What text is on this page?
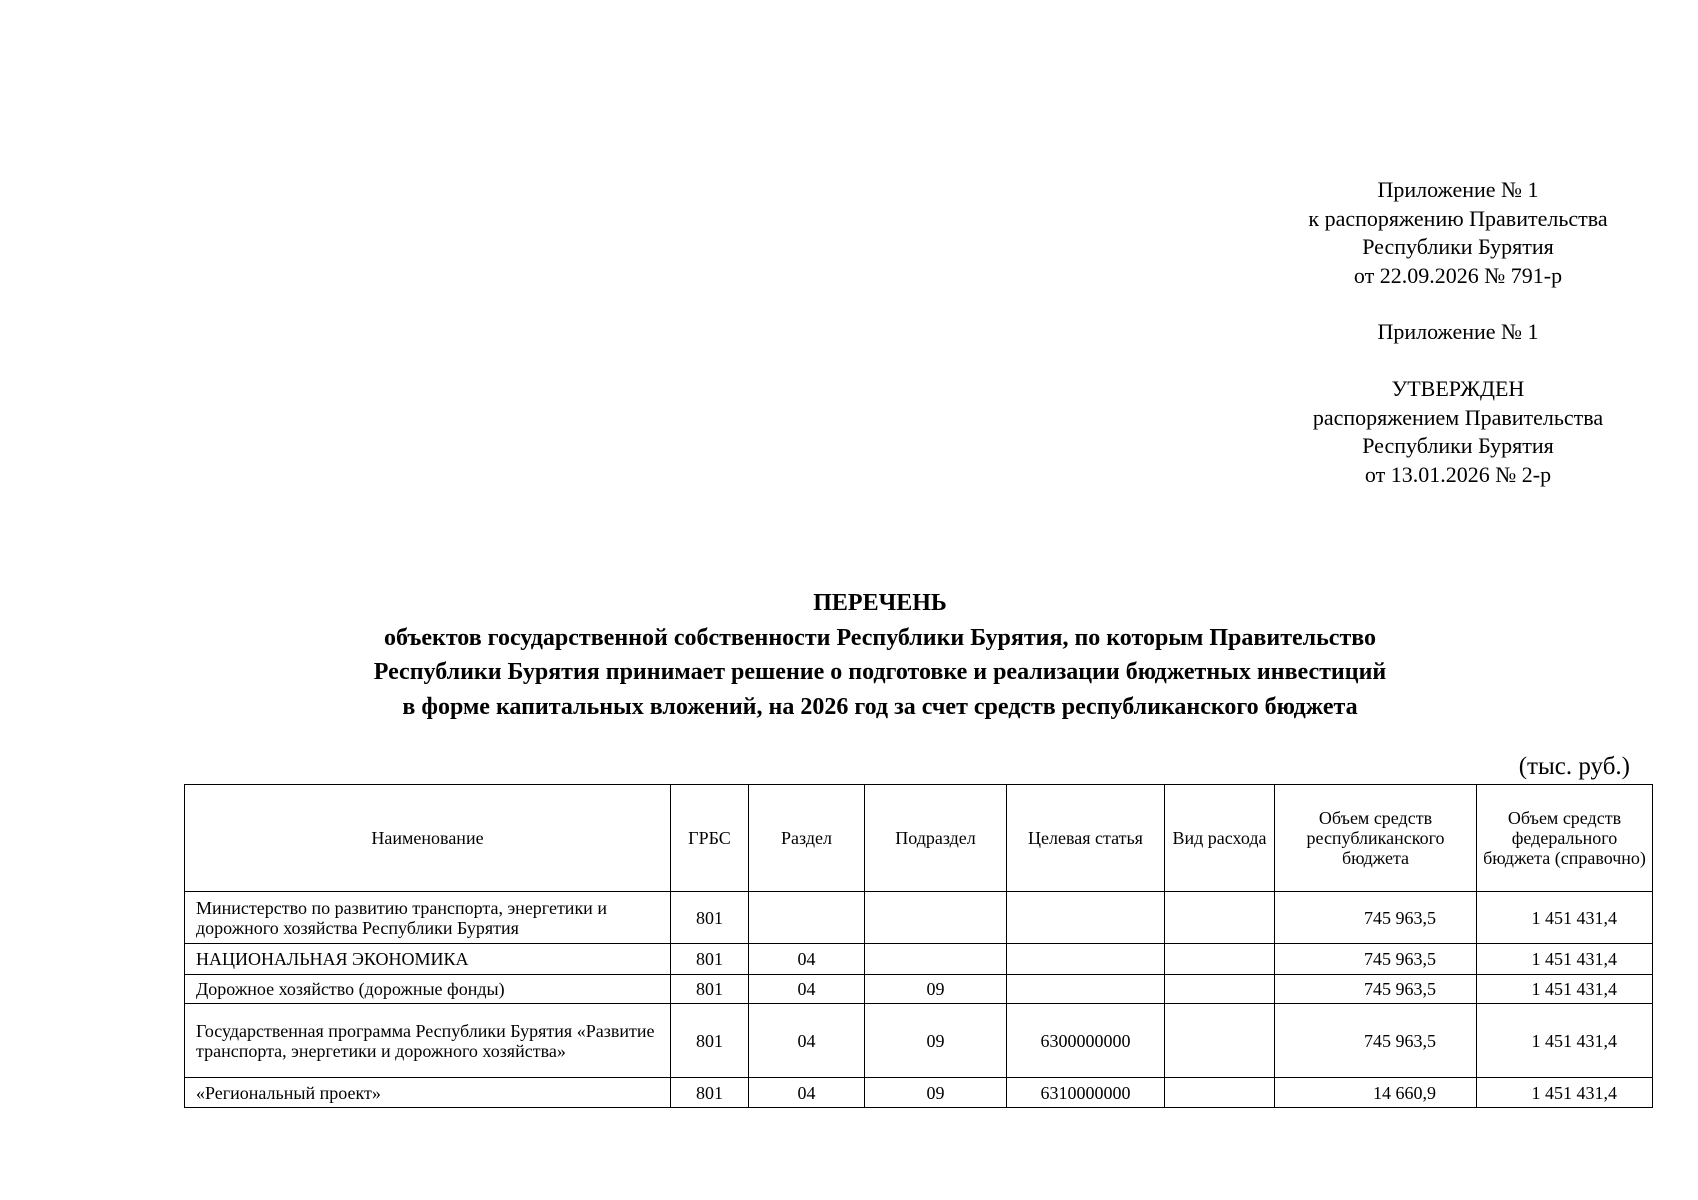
Приложение № 1
к распоряжению Правительства
Республики Бурятия
от 22.09.2026 № 791-р
Приложение № 1
УТВЕРЖДЕН
распоряжением Правительства
Республики Бурятия
от 13.01.2026 № 2-р
ПЕРЕЧЕНЬ
объектов государственной собственности Республики Бурятия, по которым Правительство
Республики Бурятия принимает решение о подготовке и реализации бюджетных инвестиций
в форме капитальных вложений, на 2026 год за счет средств республиканского бюджета
(тыс. руб.)
Наименование	ГРБС	Раздел	Подраздел	Целевая статья	Вид расхода	Объем средств республиканского бюджета	Объем средств федерального бюджета (справочно)
Министерство по развитию транспорта, энергетики и дорожного хозяйства Республики Бурятия	801					745 963,5	1 451 431,4
НАЦИОНАЛЬНАЯ ЭКОНОМИКА	801	04				745 963,5	1 451 431,4
Дорожное хозяйство (дорожные фонды)	801	04	09			745 963,5	1 451 431,4
Государственная программа Республики Бурятия «Развитие транспорта, энергетики и дорожного хозяйства»	801	04	09	6300000000		745 963,5	1 451 431,4
«Региональный проект»	801	04	09	6310000000		14 660,9	1 451 431,4
